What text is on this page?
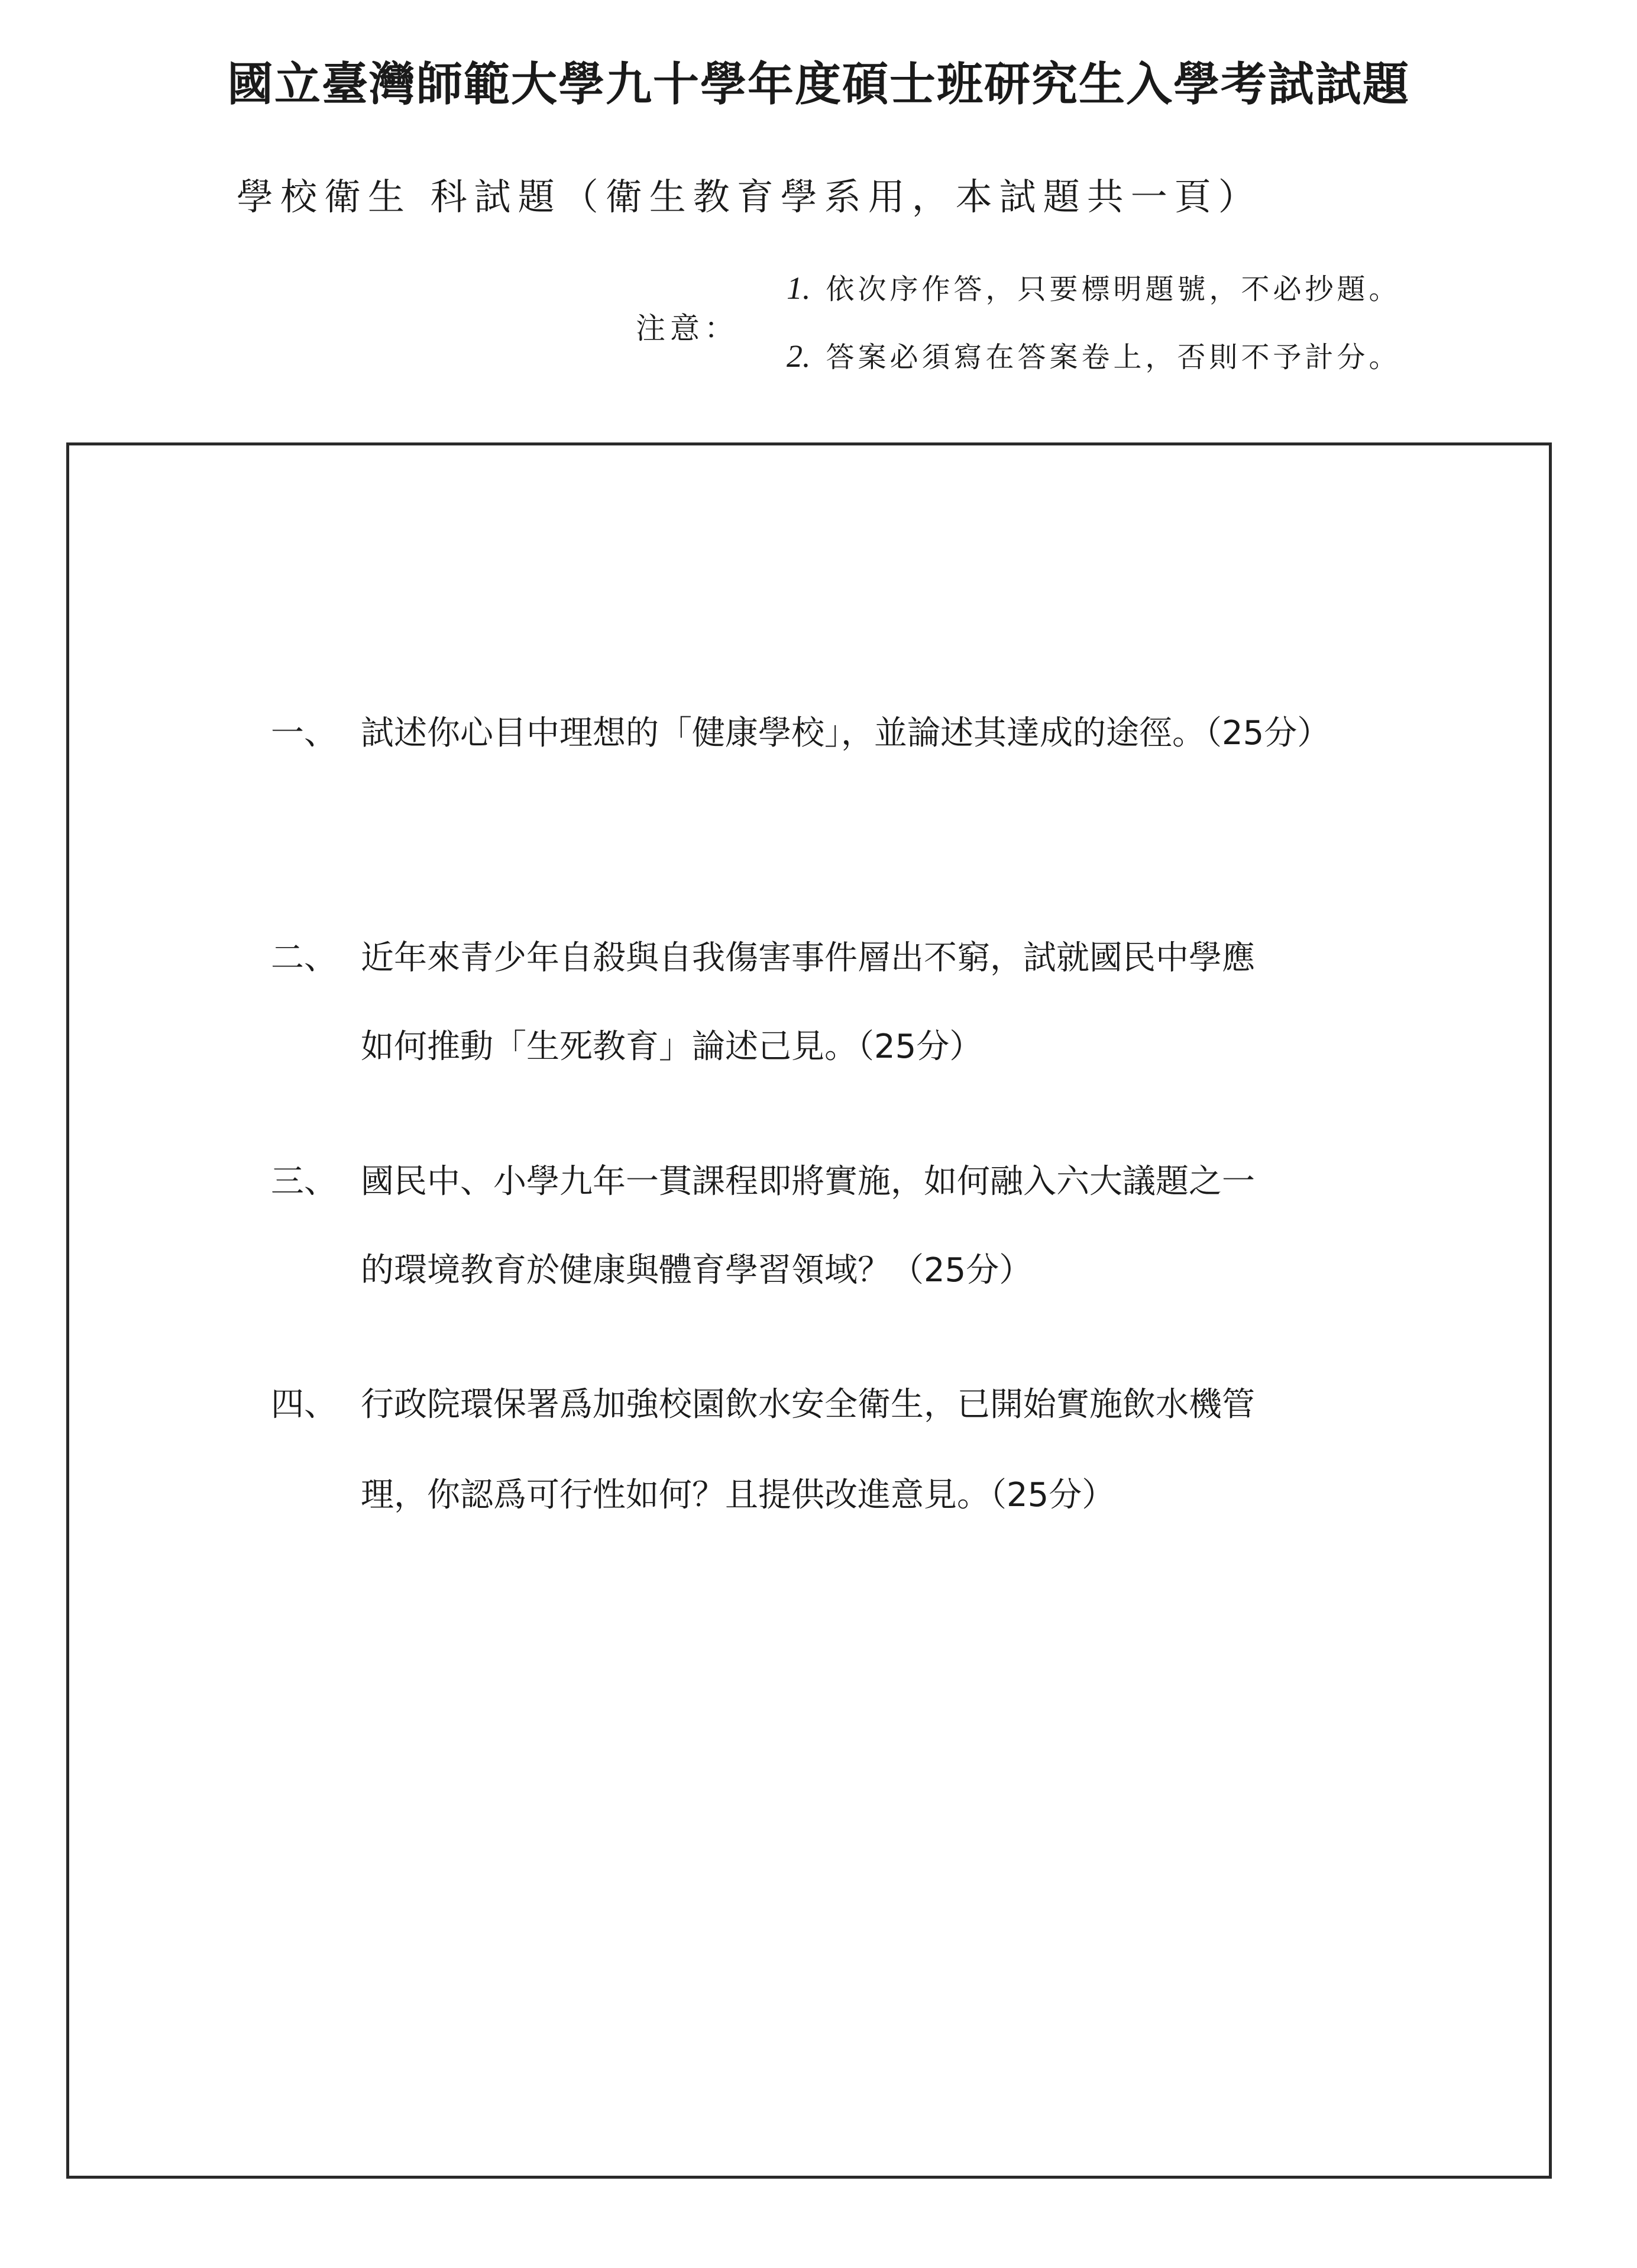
國立臺灣師範大學九十學年度碩士班研究生入學考試試題
學校衛生 科試題（衛生教育學系用，本試題共一頁）
注意：
1. 依次序作答，只要標明題號，不必抄題。
2. 答案必須寫在答案卷上，否則不予計分。
一、 試述你心目中理想的「健康學校」，並論述其達成的途徑。（25分）
二、 近年來青少年自殺與自我傷害事件層出不窮，試就國民中學應
如何推動「生死教育」論述己見。（25分）
三、 國民中、小學九年一貫課程即將實施，如何融入六大議題之一
的環境教育於健康與體育學習領域？（25分）
四、 行政院環保署爲加強校園飲水安全衛生，已開始實施飲水機管
理，你認爲可行性如何？且提供改進意見。（25分）
